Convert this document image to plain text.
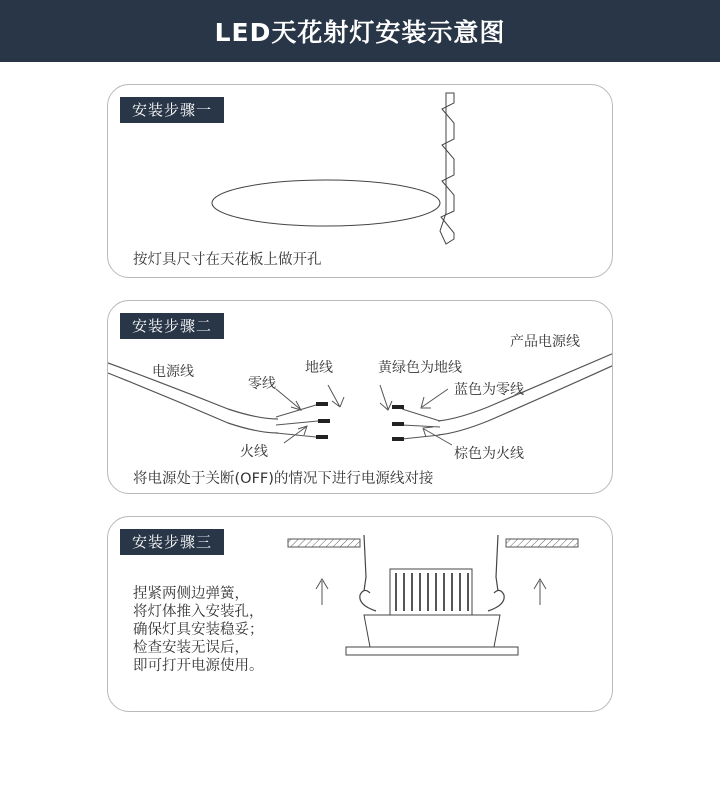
LED天花射灯安装示意图
安装步骤一
按灯具尺寸在天花板上做开孔
安装步骤二
电源线
零线
地线
火线
产品电源线
黄绿色为地线
蓝色为零线
棕色为火线
将电源处于关断(OFF)的情况下进行电源线对接
安装步骤三
捏紧两侧边弹簧，
将灯体推入安装孔，
确保灯具安装稳妥；
检查安装无误后，
即可打开电源使用。
